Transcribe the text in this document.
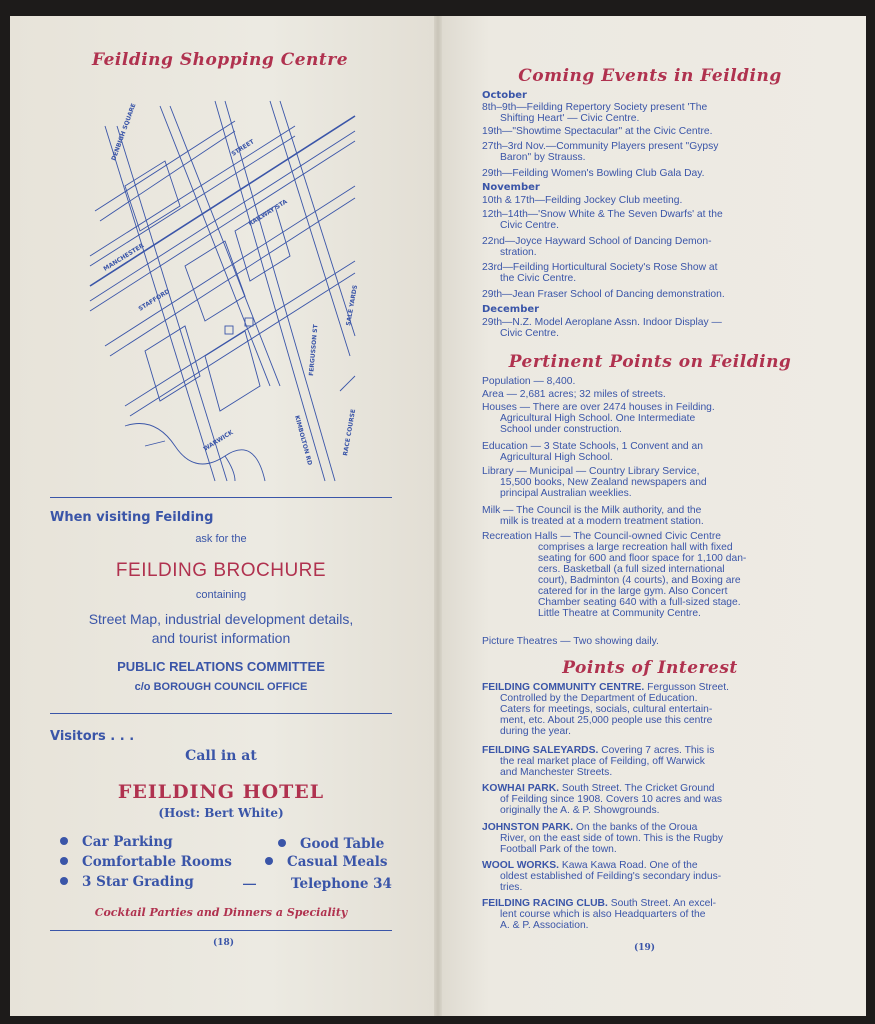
Feilding Shopping Centre
DENBIGH SQUARE	STREET
RAILWAY STA
MANCHESTER
STAFFORD
FERGUSSON ST
SALE YARDS
RACE COURSE
KIMBOLTON RD
WARWICK
When visiting Feilding
ask for the
FEILDING BROCHURE
containing
Street Map, industrial development details,
and tourist information
PUBLIC RELATIONS COMMITTEE
c/o BOROUGH COUNCIL OFFICE
Visitors . . .
Call in at
FEILDING HOTEL
(Host: Bert White)
Car Parking	Good Table
Comfortable Rooms	Casual Meals
3 Star Grading	—	Telephone 34
Cocktail Parties and Dinners a Speciality
(18)
Coming Events in Feilding
October
8th–9th—Feilding Repertory Society present 'The
Shifting Heart' — Civic Centre.
19th—"Showtime Spectacular" at the Civic Centre.
27th–3rd Nov.—Community Players present "Gypsy
Baron" by Strauss.
29th—Feilding Women's Bowling Club Gala Day.
November
10th & 17th—Feilding Jockey Club meeting.
12th–14th—'Snow White & The Seven Dwarfs' at the
Civic Centre.
22nd—Joyce Hayward School of Dancing Demon-
stration.
23rd—Feilding Horticultural Society's Rose Show at
the Civic Centre.
29th—Jean Fraser School of Dancing demonstration.
December
29th—N.Z. Model Aeroplane Assn. Indoor Display —
Civic Centre.
Pertinent Points on Feilding
Population — 8,400.
Area — 2,681 acres; 32 miles of streets.
Houses — There are over 2474 houses in Feilding.
Agricultural High School. One Intermediate
School under construction.
Education — 3 State Schools, 1 Convent and an
Agricultural High School.
Library — Municipal — Country Library Service,
15,500 books, New Zealand newspapers and
principal Australian weeklies.
Milk — The Council is the Milk authority, and the
milk is treated at a modern treatment station.
Recreation Halls — The Council-owned Civic Centre
comprises a large recreation hall with fixed
seating for 600 and floor space for 1,100 dan-
cers. Basketball (a full sized international
court), Badminton (4 courts), and Boxing are
catered for in the large gym. Also Concert
Chamber seating 640 with a full-sized stage.
Little Theatre at Community Centre.
Picture Theatres — Two showing daily.
Points of Interest
FEILDING COMMUNITY CENTRE. Fergusson Street.
Controlled by the Department of Education.
Caters for meetings, socials, cultural entertain-
ment, etc. About 25,000 people use this centre
during the year.
FEILDING SALEYARDS. Covering 7 acres. This is
the real market place of Feilding, off Warwick
and Manchester Streets.
KOWHAI PARK. South Street. The Cricket Ground
of Feilding since 1908. Covers 10 acres and was
originally the A. & P. Showgrounds.
JOHNSTON PARK. On the banks of the Oroua
River, on the east side of town. This is the Rugby
Football Park of the town.
WOOL WORKS. Kawa Kawa Road. One of the
oldest established of Feilding's secondary indus-
tries.
FEILDING RACING CLUB. South Street. An excel-
lent course which is also Headquarters of the
A. & P. Association.
(19)
